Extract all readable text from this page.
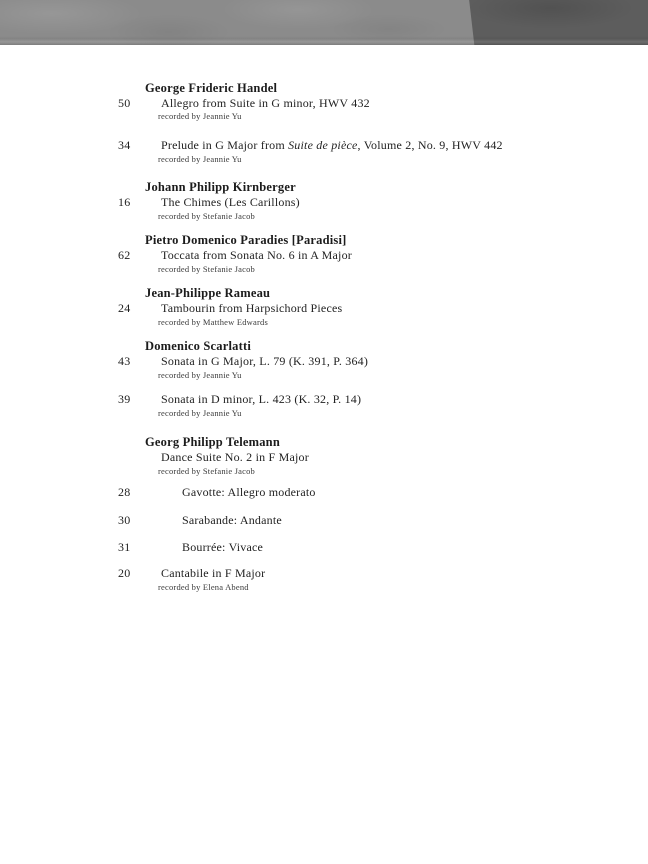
George Frideric Handel
50	Allegro from Suite in G minor, HWV 432
recorded by Jeannie Yu
34	Prelude in G Major from Suite de pièce, Volume 2, No. 9, HWV 442
recorded by Jeannie Yu
Johann Philipp Kirnberger
16	The Chimes (Les Carillons)
recorded by Stefanie Jacob
Pietro Domenico Paradies [Paradisi]
62	Toccata from Sonata No. 6 in A Major
recorded by Stefanie Jacob
Jean-Philippe Rameau
24	Tambourin from Harpsichord Pieces
recorded by Matthew Edwards
Domenico Scarlatti
43	Sonata in G Major, L. 79 (K. 391, P. 364)
recorded by Jeannie Yu
39	Sonata in D minor, L. 423 (K. 32, P. 14)
recorded by Jeannie Yu
Georg Philipp Telemann
Dance Suite No. 2 in F Major
recorded by Stefanie Jacob
28	Gavotte: Allegro moderato
30	Sarabande: Andante
31	Bourrée: Vivace
20	Cantabile in F Major
recorded by Elena Abend
